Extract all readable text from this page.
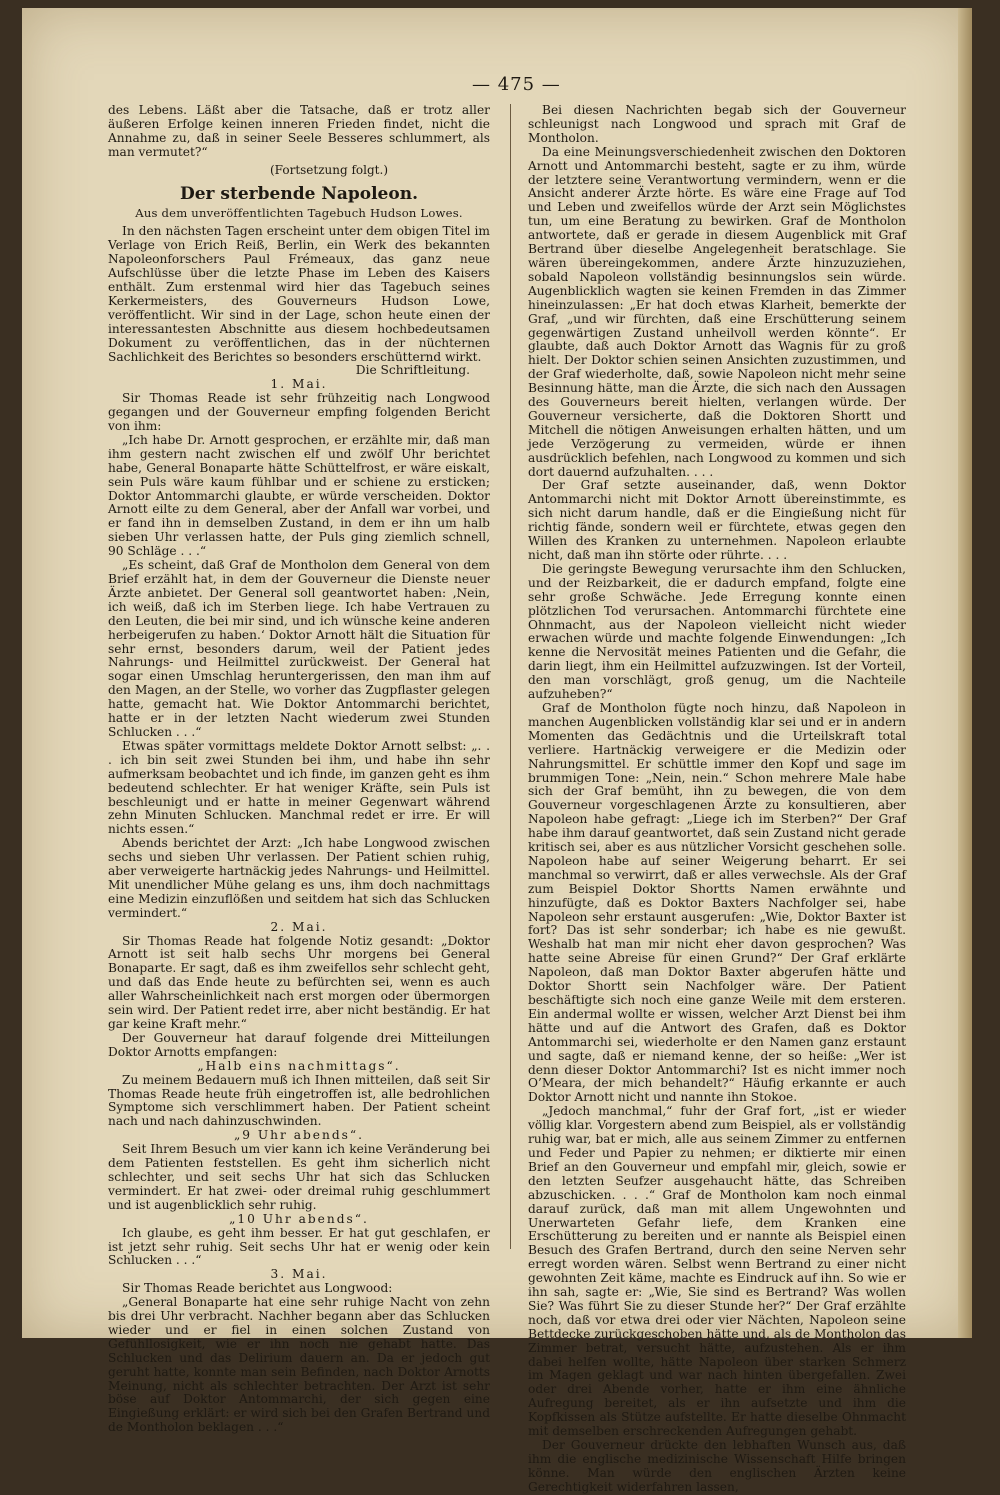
— 475 —

des Lebens. Läßt aber die Tatsache, daß er trotz aller äußeren Erfolge keinen inneren Frieden findet, nicht die Annahme zu, daß in seiner Seele Besseres schlummert, als man vermutet?“

(Fortsetzung folgt.)

Der sterbende Napoleon.
Aus dem unveröffentlichten Tagebuch Hudson Lowes.

In den nächsten Tagen erscheint unter dem obigen Titel im Verlage von Erich Reiß, Berlin, ein Werk des bekannten Napoleonforschers Paul Frémeaux, das ganz neue Aufschlüsse über die letzte Phase im Leben des Kaisers enthält. Zum erstenmal wird hier das Tagebuch seines Kerkermeisters, des Gouverneurs Hudson Lowe, veröffentlicht. Wir sind in der Lage, schon heute einen der interessantesten Abschnitte aus diesem hochbedeutsamen Dokument zu veröffentlichen, das in der nüchternen Sachlichkeit des Berichtes so besonders erschütternd wirkt.

Die Schriftleitung.
1. Mai.

Sir Thomas Reade ist sehr frühzeitig nach Longwood gegangen und der Gouverneur empfing folgenden Bericht von ihm:

„Ich habe Dr. Arnott gesprochen, er erzählte mir, daß man ihm gestern nacht zwischen elf und zwölf Uhr berichtet habe, General Bonaparte hätte Schüttelfrost, er wäre eiskalt, sein Puls wäre kaum fühlbar und er schiene zu ersticken; Doktor Antommarchi glaubte, er würde verscheiden. Doktor Arnott eilte zu dem General, aber der Anfall war vorbei, und er fand ihn in demselben Zustand, in dem er ihn um halb sieben Uhr verlassen hatte, der Puls ging ziemlich schnell, 90 Schläge . . .“

„Es scheint, daß Graf de Montholon dem General von dem Brief erzählt hat, in dem der Gouverneur die Dienste neuer Ärzte anbietet. Der General soll geantwortet haben: ‚Nein, ich weiß, daß ich im Sterben liege. Ich habe Vertrauen zu den Leuten, die bei mir sind, und ich wünsche keine anderen herbeigerufen zu haben.‘ Doktor Arnott hält die Situation für sehr ernst, besonders darum, weil der Patient jedes Nahrungs- und Heilmittel zurückweist. Der General hat sogar einen Umschlag heruntergerissen, den man ihm auf den Magen, an der Stelle, wo vorher das Zugpflaster gelegen hatte, gemacht hat. Wie Doktor Antommarchi berichtet, hatte er in der letzten Nacht wiederum zwei Stunden Schlucken . . .“

Etwas später vormittags meldete Doktor Arnott selbst: „. . . ich bin seit zwei Stunden bei ihm, und habe ihn sehr aufmerksam beobachtet und ich finde, im ganzen geht es ihm bedeutend schlechter. Er hat weniger Kräfte, sein Puls ist beschleunigt und er hatte in meiner Gegenwart während zehn Minuten Schlucken. Manchmal redet er irre. Er will nichts essen.“

Abends berichtet der Arzt: „Ich habe Longwood zwischen sechs und sieben Uhr verlassen. Der Patient schien ruhig, aber verweigerte hartnäckig jedes Nahrungs- und Heilmittel. Mit unendlicher Mühe gelang es uns, ihm doch nachmittags eine Medizin einzuflößen und seitdem hat sich das Schlucken vermindert.“

2. Mai.

Sir Thomas Reade hat folgende Notiz gesandt: „Doktor Arnott ist seit halb sechs Uhr morgens bei General Bonaparte. Er sagt, daß es ihm zweifellos sehr schlecht geht, und daß das Ende heute zu befürchten sei, wenn es auch aller Wahrscheinlichkeit nach erst morgen oder übermorgen sein wird. Der Patient redet irre, aber nicht beständig. Er hat gar keine Kraft mehr.“

Der Gouverneur hat darauf folgende drei Mitteilungen Doktor Arnotts empfangen:

„Halb eins nachmittags“.

Zu meinem Bedauern muß ich Ihnen mitteilen, daß seit Sir Thomas Reade heute früh eingetroffen ist, alle bedrohlichen Symptome sich verschlimmert haben. Der Patient scheint nach und nach dahinzuschwinden.

„9 Uhr abends“.

Seit Ihrem Besuch um vier kann ich keine Veränderung bei dem Patienten feststellen. Es geht ihm sicherlich nicht schlechter, und seit sechs Uhr hat sich das Schlucken vermindert. Er hat zwei- oder dreimal ruhig geschlummert und ist augenblicklich sehr ruhig.

„10 Uhr abends“.

Ich glaube, es geht ihm besser. Er hat gut geschlafen, er ist jetzt sehr ruhig. Seit sechs Uhr hat er wenig oder kein Schlucken . . .“

3. Mai.

Sir Thomas Reade berichtet aus Longwood:

„General Bonaparte hat eine sehr ruhige Nacht von zehn bis drei Uhr verbracht. Nachher begann aber das Schlucken wieder und er fiel in einen solchen Zustand von Gefühllosigkeit, wie er ihn noch nie gehabt hatte. Das Schlucken und das Delirium dauern an. Da er jedoch gut geruht hatte, konnte man sein Befinden, nach Doktor Arnotts Meinung, nicht als schlechter betrachten. Der Arzt ist sehr böse auf Doktor Antommarchi, der sich gegen eine Eingießung erklärt: er wird sich bei den Grafen Bertrand und de Montholon beklagen . . .“

Bei diesen Nachrichten begab sich der Gouverneur schleunigst nach Longwood und sprach mit Graf de Montholon.

Da eine Meinungsverschiedenheit zwischen den Doktoren Arnott und Antommarchi besteht, sagte er zu ihm, würde der letztere seine Verantwortung vermindern, wenn er die Ansicht anderer Ärzte hörte. Es wäre eine Frage auf Tod und Leben und zweifellos würde der Arzt sein Möglichstes tun, um eine Beratung zu bewirken. Graf de Montholon antwortete, daß er gerade in diesem Augenblick mit Graf Bertrand über dieselbe Angelegenheit beratschlage. Sie wären übereingekommen, andere Ärzte hinzuzuziehen, sobald Napoleon vollständig besinnungslos sein würde. Augenblicklich wagten sie keinen Fremden in das Zimmer hineinzulassen: „Er hat doch etwas Klarheit, bemerkte der Graf, „und wir fürchten, daß eine Erschütterung seinem gegenwärtigen Zustand unheilvoll werden könnte“. Er glaubte, daß auch Doktor Arnott das Wagnis für zu groß hielt. Der Doktor schien seinen Ansichten zuzustimmen, und der Graf wiederholte, daß, sowie Napoleon nicht mehr seine Besinnung hätte, man die Ärzte, die sich nach den Aussagen des Gouverneurs bereit hielten, verlangen würde. Der Gouverneur versicherte, daß die Doktoren Shortt und Mitchell die nötigen Anweisungen erhalten hätten, und um jede Verzögerung zu vermeiden, würde er ihnen ausdrücklich befehlen, nach Longwood zu kommen und sich dort dauernd aufzuhalten. . . .

Der Graf setzte auseinander, daß, wenn Doktor Antommarchi nicht mit Doktor Arnott übereinstimmte, es sich nicht darum handle, daß er die Eingießung nicht für richtig fände, sondern weil er fürchtete, etwas gegen den Willen des Kranken zu unternehmen. Napoleon erlaubte nicht, daß man ihn störte oder rührte. . . .

Die geringste Bewegung verursachte ihm den Schlucken, und der Reizbarkeit, die er dadurch empfand, folgte eine sehr große Schwäche. Jede Erregung konnte einen plötzlichen Tod verursachen. Antommarchi fürchtete eine Ohnmacht, aus der Napoleon vielleicht nicht wieder erwachen würde und machte folgende Einwendungen: „Ich kenne die Nervosität meines Patienten und die Gefahr, die darin liegt, ihm ein Heilmittel aufzuzwingen. Ist der Vorteil, den man vorschlägt, groß genug, um die Nachteile aufzuheben?“

Graf de Montholon fügte noch hinzu, daß Napoleon in manchen Augenblicken vollständig klar sei und er in andern Momenten das Gedächtnis und die Urteilskraft total verliere. Hartnäckig verweigere er die Medizin oder Nahrungsmittel. Er schüttle immer den Kopf und sage im brummigen Tone: „Nein, nein.“ Schon mehrere Male habe sich der Graf bemüht, ihn zu bewegen, die von dem Gouverneur vorgeschlagenen Ärzte zu konsultieren, aber Napoleon habe gefragt: „Liege ich im Sterben?“ Der Graf habe ihm darauf geantwortet, daß sein Zustand nicht gerade kritisch sei, aber es aus nützlicher Vorsicht geschehen solle. Napoleon habe auf seiner Weigerung beharrt. Er sei manchmal so verwirrt, daß er alles verwechsle. Als der Graf zum Beispiel Doktor Shortts Namen erwähnte und hinzufügte, daß es Doktor Baxters Nachfolger sei, habe Napoleon sehr erstaunt ausgerufen: „Wie, Doktor Baxter ist fort? Das ist sehr sonderbar; ich habe es nie gewußt. Weshalb hat man mir nicht eher davon gesprochen? Was hatte seine Abreise für einen Grund?“ Der Graf erklärte Napoleon, daß man Doktor Baxter abgerufen hätte und Doktor Shortt sein Nachfolger wäre. Der Patient beschäftigte sich noch eine ganze Weile mit dem ersteren. Ein andermal wollte er wissen, welcher Arzt Dienst bei ihm hätte und auf die Antwort des Grafen, daß es Doktor Antommarchi sei, wiederholte er den Namen ganz erstaunt und sagte, daß er niemand kenne, der so heiße: „Wer ist denn dieser Doktor Antommarchi? Ist es nicht immer noch O’Meara, der mich behandelt?“ Häufig erkannte er auch Doktor Arnott nicht und nannte ihn Stokoe.

„Jedoch manchmal,“ fuhr der Graf fort, „ist er wieder völlig klar. Vorgestern abend zum Beispiel, als er vollständig ruhig war, bat er mich, alle aus seinem Zimmer zu entfernen und Feder und Papier zu nehmen; er diktierte mir einen Brief an den Gouverneur und empfahl mir, gleich, sowie er den letzten Seufzer ausgehaucht hätte, das Schreiben abzuschicken. . . .“ Graf de Montholon kam noch einmal darauf zurück, daß man mit allem Ungewohnten und Unerwarteten Gefahr liefe, dem Kranken eine Erschütterung zu bereiten und er nannte als Beispiel einen Besuch des Grafen Bertrand, durch den seine Nerven sehr erregt worden wären. Selbst wenn Bertrand zu einer nicht gewohnten Zeit käme, machte es Eindruck auf ihn. So wie er ihn sah, sagte er: „Wie, Sie sind es Bertrand? Was wollen Sie? Was führt Sie zu dieser Stunde her?“ Der Graf erzählte noch, daß vor etwa drei oder vier Nächten, Napoleon seine Bettdecke zurückgeschoben hätte und, als de Montholon das Zimmer betrat, versucht hätte, aufzustehen. Als er ihm dabei helfen wollte, hätte Napoleon über starken Schmerz im Magen geklagt und war nach hinten übergefallen. Zwei oder drei Abende vorher, hatte er ihm eine ähnliche Aufregung bereitet, als er ihn aufsetzte und ihm die Kopfkissen als Stütze aufstellte. Er hatte dieselbe Ohnmacht mit demselben erschreckenden Aufregungen gehabt.

Der Gouverneur drückte den lebhaften Wunsch aus, daß ihm die englische medizinische Wissenschaft Hilfe bringen könne. Man würde den englischen Ärzten keine Gerechtigkeit widerfahren lassen,
